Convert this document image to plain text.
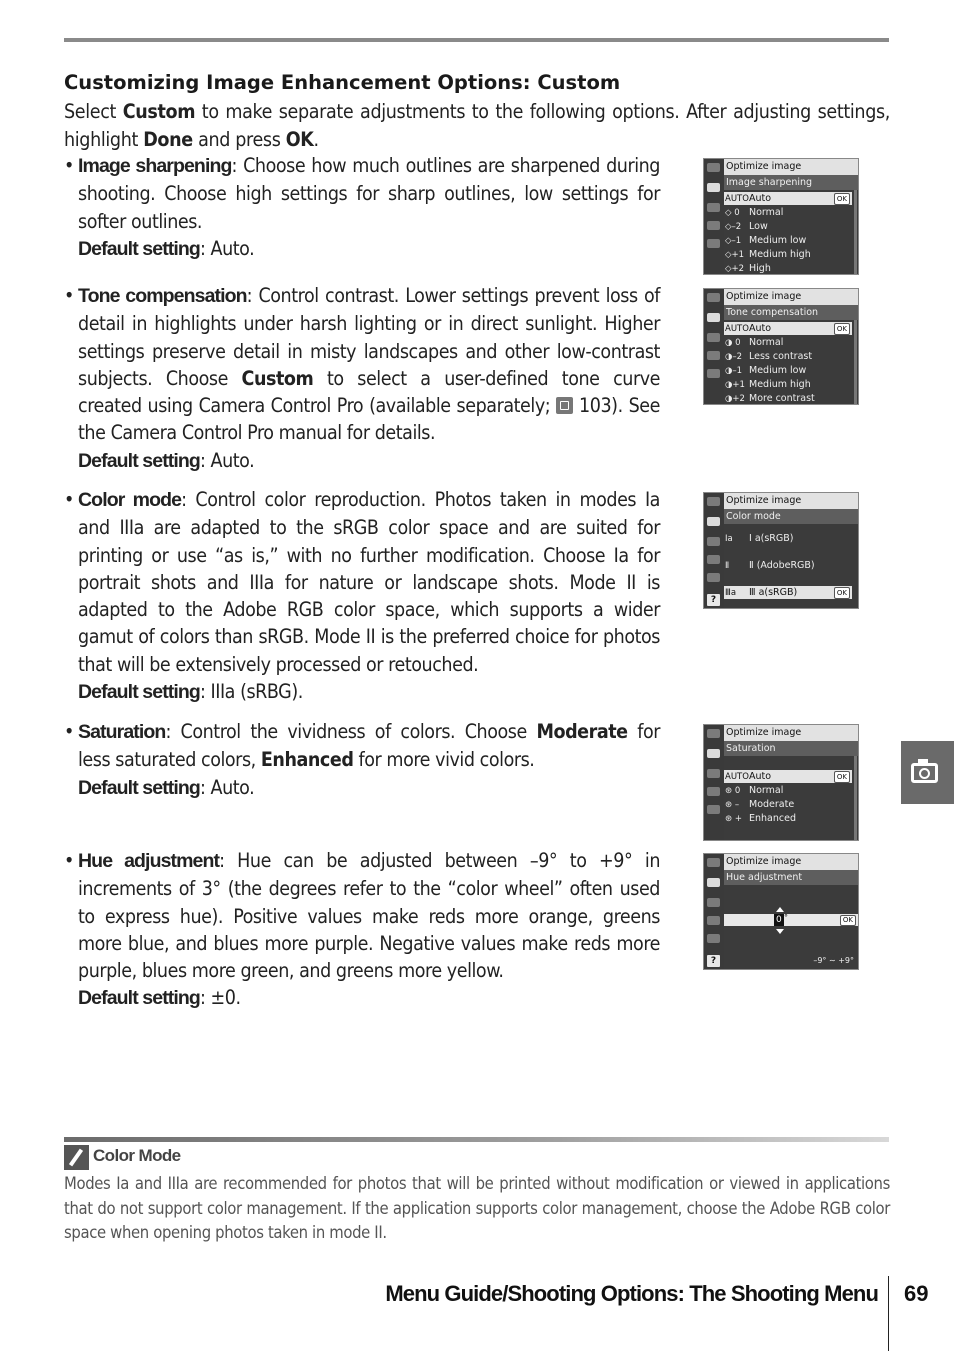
Customizing Image Enhancement Options: Custom
Select Custom to make separate adjustments to the following options. After adjusting settings, highlight Done and press OK.
• Image sharpening: Choose how much outlines are sharpened during shooting. Choose high settings for sharp outlines, low settings for softer outlines.
Default setting: Auto.
• Tone compensation: Control contrast. Lower settings prevent loss of detail in highlights under harsh lighting or in direct sunlight. Higher settings preserve detail in misty landscapes and other low-contrast subjects. Choose Custom to select a user-defined tone curve created using Camera Control Pro (available separately;  103). See the Camera Control Pro manual for details.
Default setting: Auto.
• Color mode: Control color reproduction. Photos taken in modes Ia and IIIa are adapted to the sRGB color space and are suited for printing or use “as is,” with no further modification. Choose Ia for portrait shots and IIIa for nature or landscape shots. Mode II is adapted to the Adobe RGB color space, which supports a wider gamut of colors than sRGB. Mode II is the preferred choice for photos that will be extensively processed or retouched.
Default setting: IIIa (sRBG).
• Saturation: Control the vividness of colors. Choose Moderate for less saturated colors, Enhanced for more vivid colors.
Default setting: Auto.
• Hue adjustment: Hue can be adjusted between –9° to +9° in increments of 3° (the degrees refer to the “color wheel” often used to express hue). Positive values make reds more orange, greens more blue, and blues more purple. Negative values make reds more purple, blues more green, and greens more yellow.
Default setting: ±0.
Optimize image
Image sharpening
AUTOAuto	OK
◇ 0 Normal
◇–2 Low
◇–1 Medium low
◇+1 Medium high
◇+2 High
Optimize image
Tone compensation
AUTOAuto	OK
◑ 0 Normal
◑–2 Less contrast
◑–1 Medium low
◑+1 Medium high
◑+2 More contrast
?
Optimize image
Color mode
Ia Ⅰ a(sRGB)
Ⅱ Ⅱ (AdobeRGB)
Ⅲa Ⅲ a(sRGB)	OK
Optimize image
Saturation
AUTOAuto	OK
⊛ 0 Normal
⊛ – Moderate
⊛ + Enhanced
?
Optimize image
Hue adjustment
0 °	OK
–9° ∼ +9°
Color Mode
Modes Ia and IIIa are recommended for photos that will be printed without modification or viewed in applications that do not support color management. If the application supports color management, choose the Adobe RGB color space when opening photos taken in mode II.
Menu Guide/Shooting Options: The Shooting Menu 69
